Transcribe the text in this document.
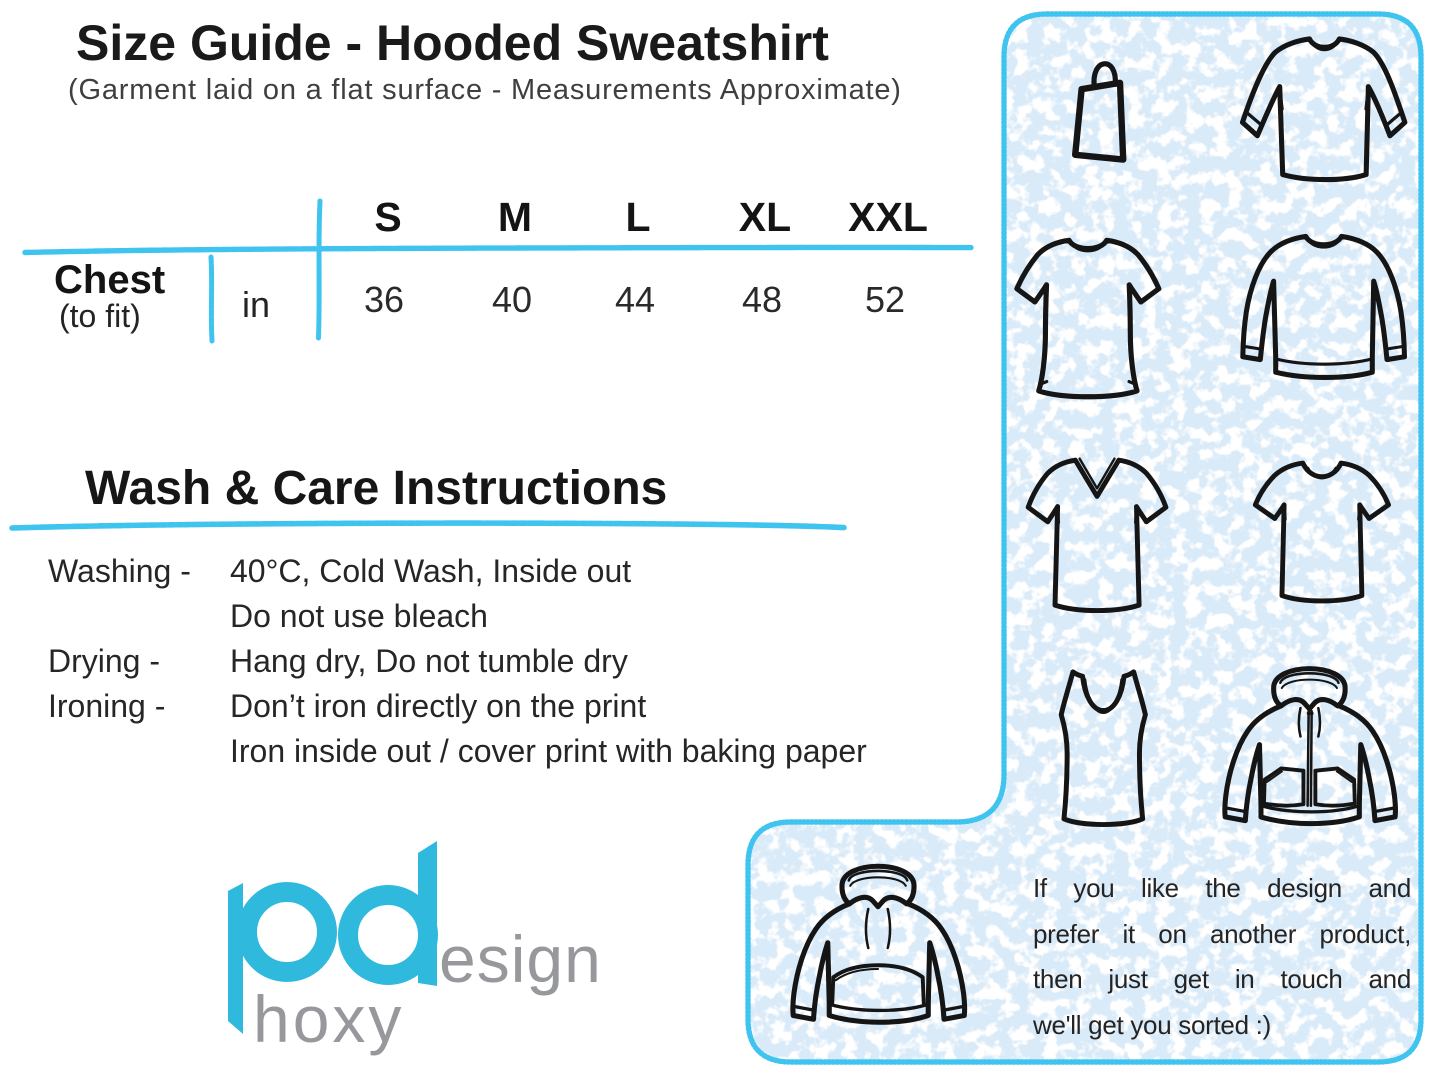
Size Guide - Hooded Sweatshirt
(Garment laid on a flat surface - Measurements Approximate)
S M L XL XXL
Chest
(to fit)	in	36 40 44 48 52
Wash & Care Instructions
Washing - 40°C, Cold Wash, Inside out
Do not use bleach
Drying - Hang dry, Do not tumble dry
Ironing - Don’t iron directly on the print
Iron inside out / cover print with baking paper
esign
hoxy
If you like the design and
prefer it on another product,
then just get in touch and
we'll get you sorted :)
